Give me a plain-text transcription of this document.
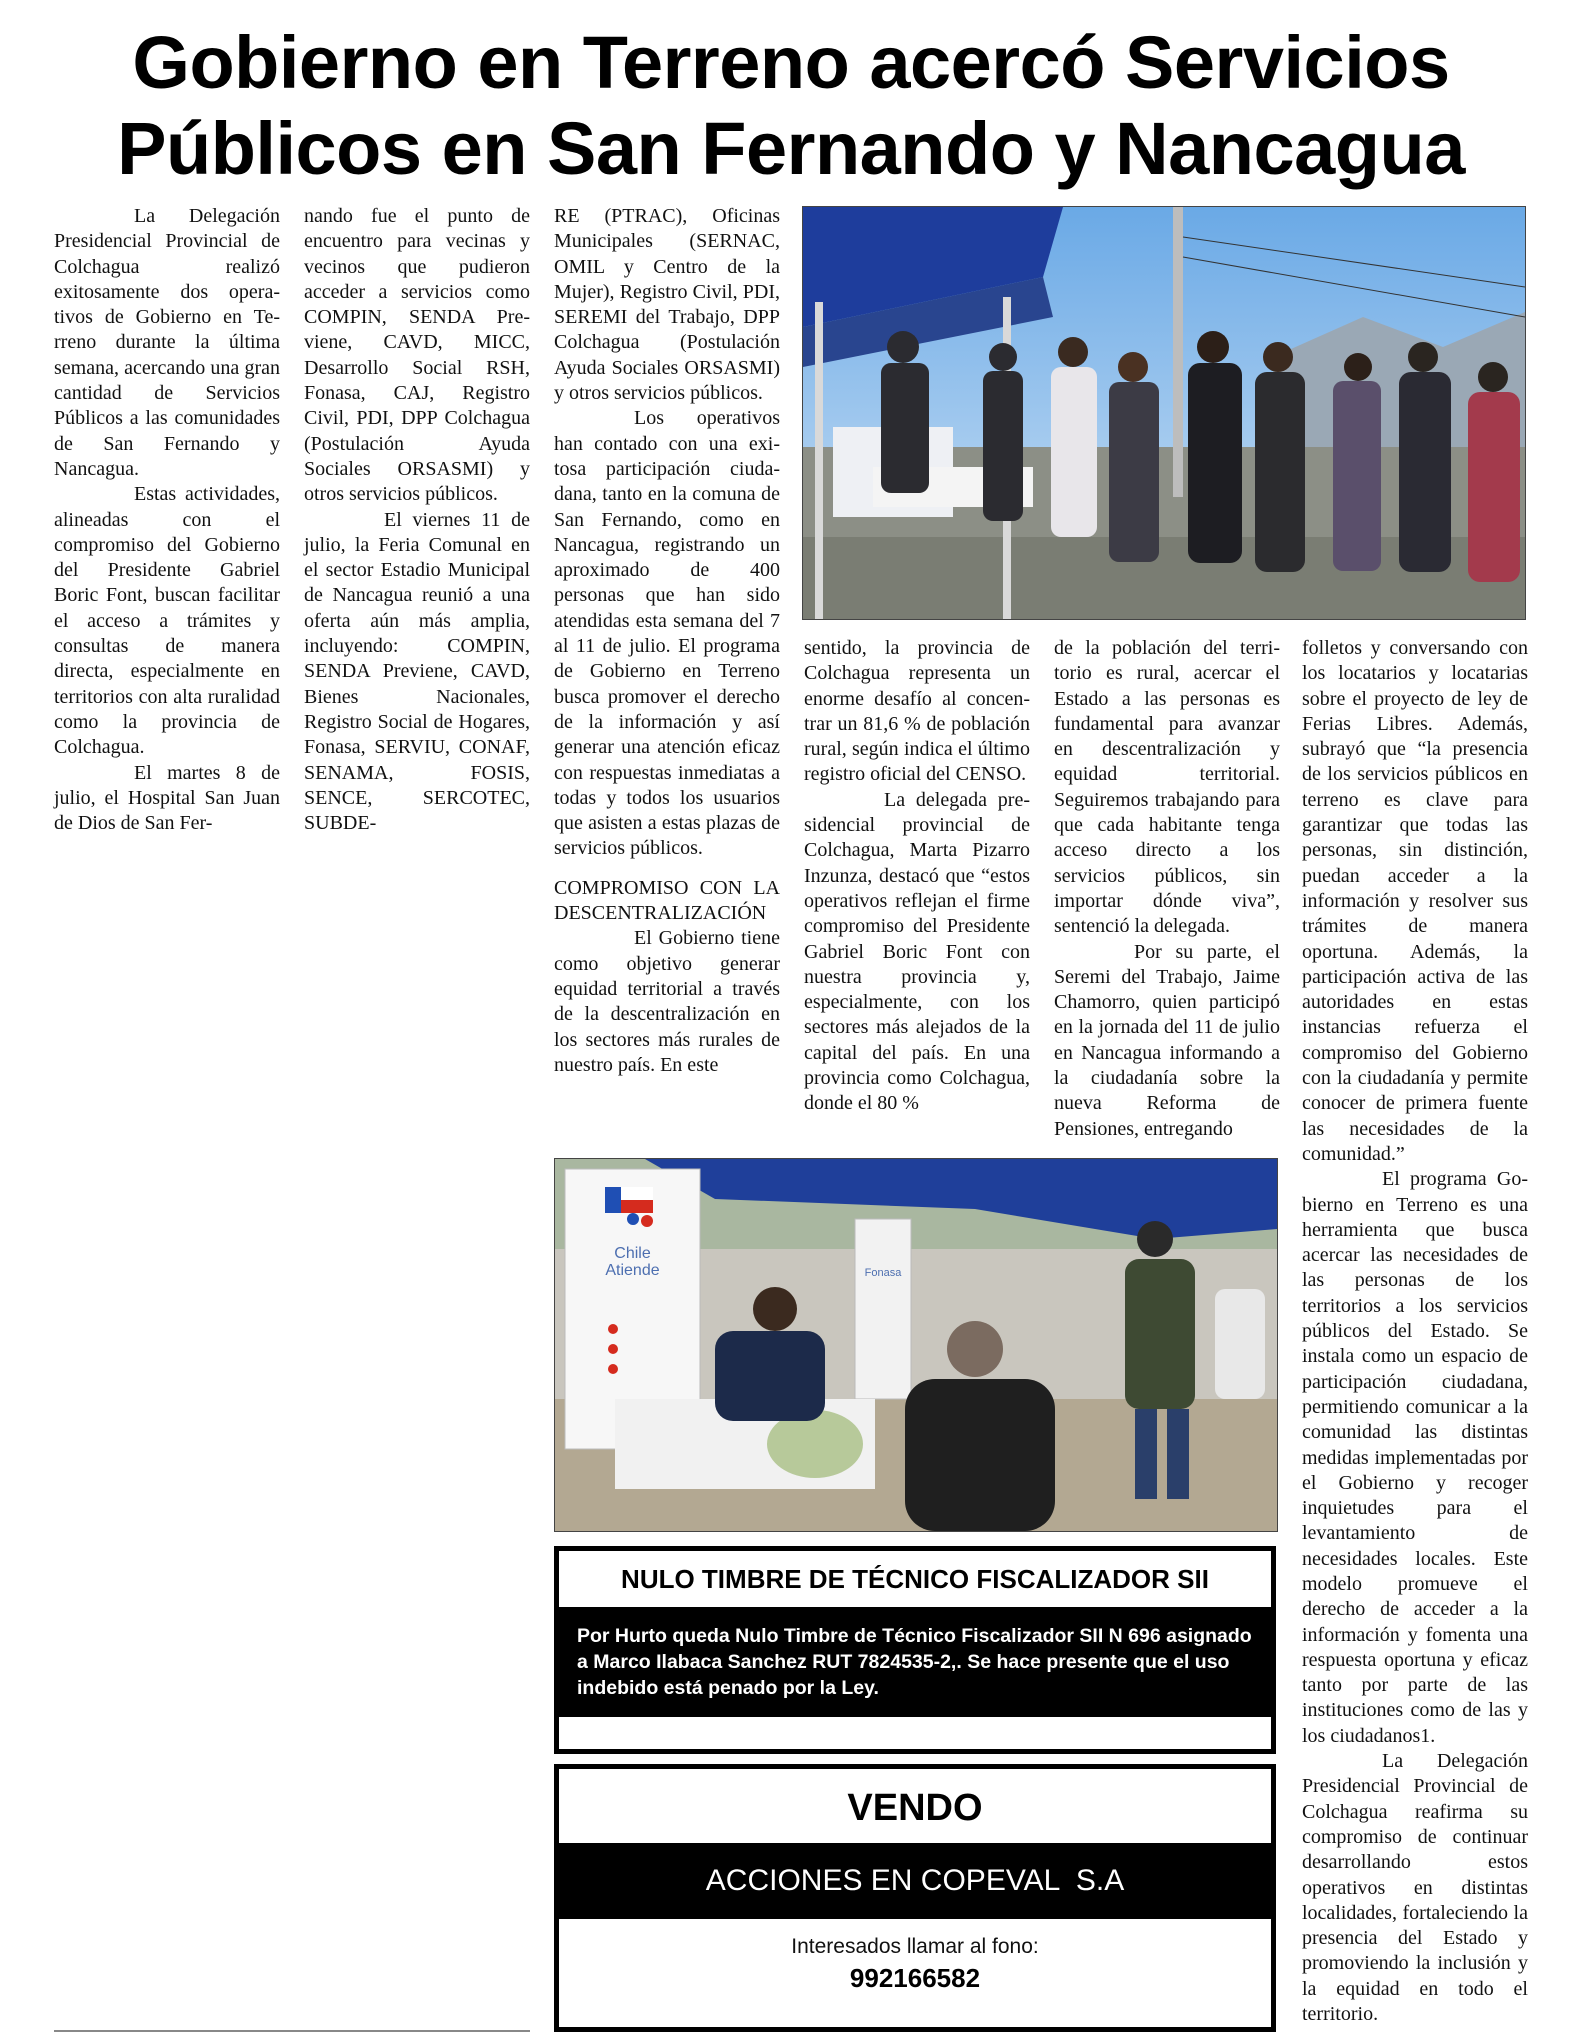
Gobierno en Terreno acercó Servicios
Públicos en San Fernando y Nancagua

La Delegación Presidencial Provincial de Colchagua realizó exitosamente dos operativos de Gobierno en Terreno durante la última semana, acercando una gran cantidad de Servicios Públicos a las comunidades de San Fernando y Nancagua.

Estas actividades, alineadas con el compromiso del Gobierno del Presidente Gabriel Boric Font, buscan facilitar el acceso a trámites y consultas de manera directa, especialmente en territorios con alta ruralidad como la provincia de Colchagua.

El martes 8 de julio, el Hospital San Juan de Dios de San Fer-

nando fue el punto de encuentro para vecinas y vecinos que pudieron acceder a servicios como COMPIN, SENDA Previene, CAVD, MICC, Desarrollo Social RSH, Fonasa, CAJ, Registro Civil, PDI, DPP Colchagua (Postulación Ayuda Sociales ORSASMI) y otros servicios públicos.

El viernes 11 de julio, la Feria Comunal en el sector Estadio Municipal de Nancagua reunió a una oferta aún más amplia, incluyendo: COMPIN, SENDA Previene, CAVD, Bienes Nacionales, Registro Social de Hogares, Fonasa, SERVIU, CONAF, SENAMA, FOSIS, SENCE, SERCOTEC, SUBDE-

RE (PTRAC), Oficinas Municipales (SERNAC, OMIL y Centro de la Mujer), Registro Civil, PDI, SEREMI del Trabajo, DPP Colchagua (Postulación Ayuda Sociales ORSASMI) y otros servicios públicos.

Los operativos han contado con una exitosa participación ciudadana, tanto en la comuna de San Fernando, como en Nancagua, registrando un aproximado de 400 personas que han sido atendidas esta semana del 7 al 11 de julio. El programa de Gobierno en Terreno busca promover el derecho de la información y así generar una atención eficaz con respuestas inmediatas a todas y todos los usuarios que asisten a estas plazas de servicios públicos.

COMPROMISO CON LA DESCENTRALIZACIÓN

El Gobierno tiene como objetivo generar equidad territorial a través de la descentralización en los sectores más rurales de nuestro país. En este

sentido, la provincia de Colchagua representa un enorme desafío al concentrar un 81,6 % de población rural, según indica el último registro oficial del CENSO.

La delegada presidencial provincial de Colchagua, Marta Pizarro Inzunza, destacó que “estos operativos reflejan el firme compromiso del Presidente Gabriel Boric Font con nuestra provincia y, especialmente, con los sectores más alejados de la capital del país. En una provincia como Colchagua, donde el 80 %

de la población del territorio es rural, acercar el Estado a las personas es fundamental para avanzar en descentralización y equidad territorial. Seguiremos trabajando para que cada habitante tenga acceso directo a los servicios públicos, sin importar dónde viva”, sentenció la delegada.

Por su parte, el Seremi del Trabajo, Jaime Chamorro, quien participó en la jornada del 11 de julio en Nancagua informando a la ciudadanía sobre la nueva Reforma de Pensiones, entregando

folletos y conversando con los locatarios y locatarias sobre el proyecto de ley de Ferias Libres. Además, subrayó que “la presencia de los servicios públicos en terreno es clave para garantizar que todas las personas, sin distinción, puedan acceder a la información y resolver sus trámites de manera oportuna. Además, la participación activa de las autoridades en estas instancias refuerza el compromiso del Gobierno con la ciudadanía y permite conocer de primera fuente las necesidades de la comunidad.”

El programa Gobierno en Terreno es una herramienta que busca acercar las necesidades de las personas de los territorios a los servicios públicos del Estado. Se instala como un espacio de participación ciudadana, permitiendo comunicar a la comunidad las distintas medidas implementadas por el Gobierno y recoger inquietudes para el levantamiento de necesidades locales. Este modelo promueve el derecho de acceder a la información y fomenta una respuesta oportuna y eficaz tanto por parte de las instituciones como de las y los ciudadanos1.

La Delegación Presidencial Provincial de Colchagua reafirma su compromiso de continuar desarrollando estos operativos en distintas localidades, fortaleciendo la presencia del Estado y promoviendo la inclusión y la equidad en todo el territorio.

Chile
Atiende	Fonasa
NULO TIMBRE DE TÉCNICO FISCALIZADOR SII
Por Hurto queda Nulo Timbre de Técnico Fiscalizador SII N 696 asignado a Marco Ilabaca Sanchez RUT 7824535-2,. Se hace presente que el uso indebido está penado por la Ley.
VENDO
ACCIONES EN COPEVAL  S.A
Interesados llamar al fono:
992166582
